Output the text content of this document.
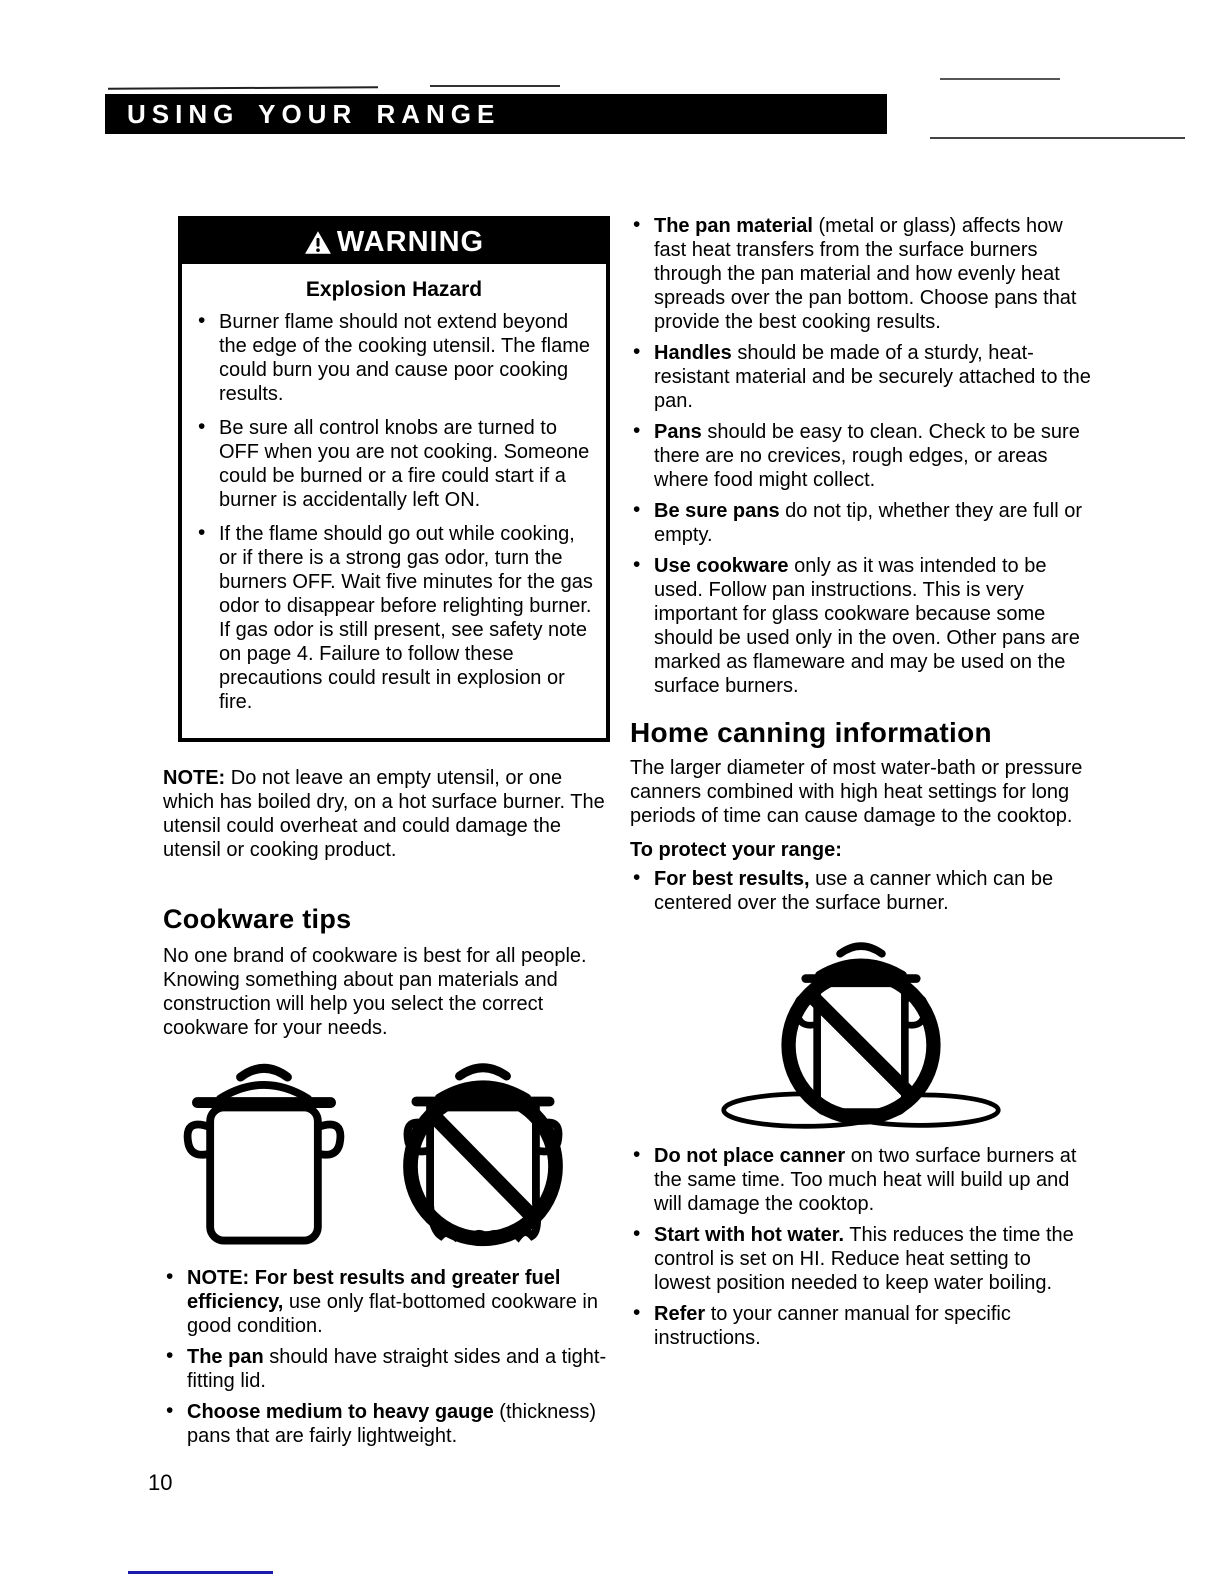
USING YOUR RANGE
WARNING
Explosion Hazard
• Burner flame should not extend beyond the edge of the cooking utensil. The flame could burn you and cause poor cooking results.
• Be sure all control knobs are turned to OFF when you are not cooking. Someone could be burned or a fire could start if a burner is accidentally left ON.
• If the flame should go out while cooking, or if there is a strong gas odor, turn the burners OFF. Wait five minutes for the gas odor to disappear before relighting burner. If gas odor is still present, see safety note on page 4. Failure to follow these precautions could result in explosion or fire.

NOTE: Do not leave an empty utensil, or one which has boiled dry, on a hot surface burner. The utensil could overheat and could damage the utensil or cooking product.

Cookware tips

No one brand of cookware is best for all people. Knowing something about pan materials and construction will help you select the correct cookware for your needs.

• NOTE: For best results and greater fuel efficiency, use only flat-bottomed cookware in good condition.
• The pan should have straight sides and a tight-fitting lid.
• Choose medium to heavy gauge (thickness) pans that are fairly lightweight.
• The pan material (metal or glass) affects how fast heat transfers from the surface burners through the pan material and how evenly heat spreads over the pan bottom. Choose pans that provide the best cooking results.
• Handles should be made of a sturdy, heat-resistant material and be securely attached to the pan.
• Pans should be easy to clean. Check to be sure there are no crevices, rough edges, or areas where food might collect.
• Be sure pans do not tip, whether they are full or empty.
• Use cookware only as it was intended to be used. Follow pan instructions. This is very important for glass cookware because some should be used only in the oven. Other pans are marked as flameware and may be used on the surface burners.
Home canning information

The larger diameter of most water-bath or pressure canners combined with high heat settings for long periods of time can cause damage to the cooktop.

To protect your range:

• For best results, use a canner which can be centered over the surface burner.
• Do not place canner on two surface burners at the same time. Too much heat will build up and will damage the cooktop.
• Start with hot water. This reduces the time the control is set on HI. Reduce heat setting to lowest position needed to keep water boiling.
• Refer to your canner manual for specific instructions.
10
